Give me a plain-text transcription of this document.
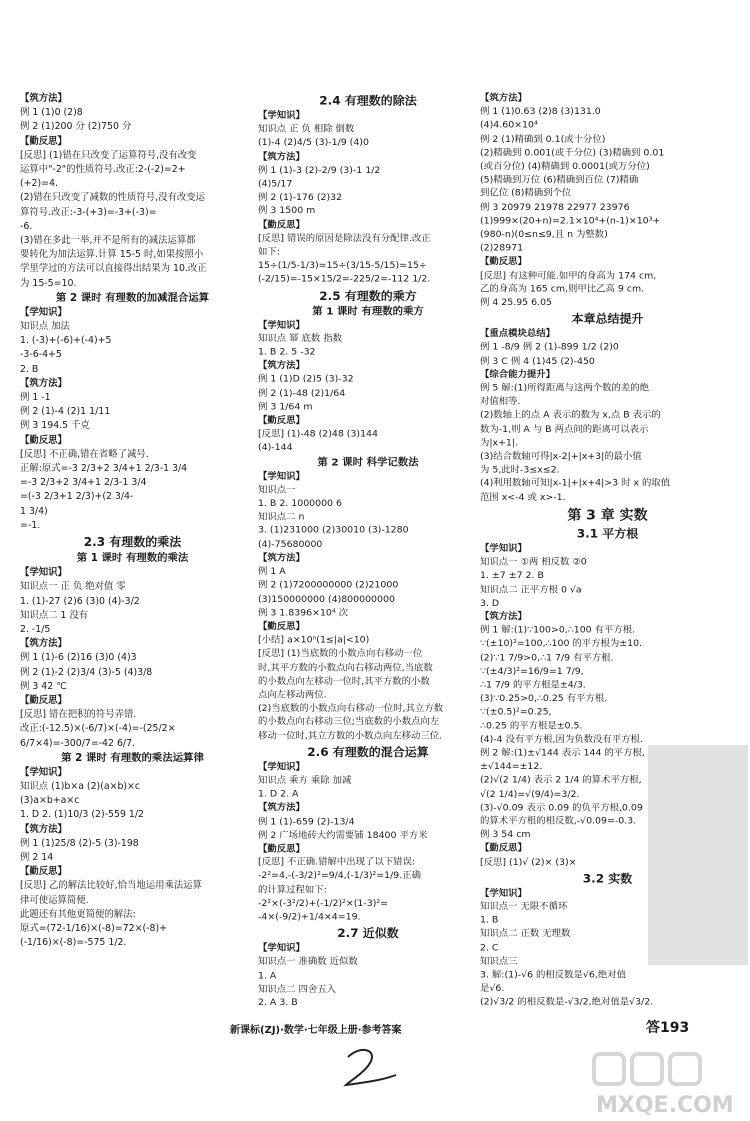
【筑方法】
例 1 (1)0 (2)8
例 2 (1)200 分 (2)750 分
【勤反思】
[反思] (1)错在只改变了运算符号,没有改变
运算中"-2"的性质符号.改正:2-(-2)=2+
(+2)=4.
(2)错在只改变了减数的性质符号,没有改变运
算符号.改正:-3-(+3)=-3+(-3)=
-6.
(3)错在多此一举,并不是所有的减法运算都
要转化为加法运算.计算 15-5 时,如果按照小
学里学过的方法可以直接得出结果为 10.改正
为 15-5=10.
第 2 课时 有理数的加减混合运算
【学知识】
知识点 加法
1. (-3)+(-6)+(-4)+5
-3-6-4+5
2. B
【筑方法】
例 1 -1
例 2 (1)-4 (2)1 1/11
例 3 194.5 千克
【勤反思】
[反思] 不正确,错在省略了减号.
正解:原式=-3 2/3+2 3/4+1 2/3-1 3/4
=-3 2/3+2 3/4+1 2/3-1 3/4
=(-3 2/3+1 2/3)+(2 3/4-
1 3/4)
=-1.
2.3 有理数的乘法
第 1 课时 有理数的乘法
【学知识】
知识点一 正 负 绝对值 零
1. (1)-27 (2)6 (3)0 (4)-3/2
知识点二 1 没有
2. -1/5
【筑方法】
例 1 (1)-6 (2)16 (3)0 (4)3
例 2 (1)-2 (2)3/4 (3)-5 (4)3/8
例 3 42 ℃
【勤反思】
[反思] 错在把积的符号弄错.
改正:(-12.5)×(-6/7)×(-4)=-(25/2×
6/7×4)=-300/7=-42 6/7.
第 2 课时 有理数的乘法运算律
【学知识】
知识点 (1)b×a (2)(a×b)×c
(3)a×b+a×c
1. D 2. (1)10/3 (2)-559 1/2
【筑方法】
例 1 (1)25/8 (2)-5 (3)-198
例 2 14
【勤反思】
[反思] 乙的解法比较好,恰当地运用乘法运算
律可使运算简便.
此题还有其他更简便的解法:
原式=(72-1/16)×(-8)=72×(-8)+
(-1/16)×(-8)=-575 1/2.
2.4 有理数的除法
【学知识】
知识点 正 负 相除 倒数
(1)-4 (2)4/5 (3)-1/9 (4)0
【筑方法】
例 1 (1)-3 (2)-2/9 (3)-1 1/2
(4)5/17
例 2 (1)-176 (2)32
例 3 1500 m
【勤反思】
[反思] 错误的原因是除法没有分配律.改正
如下:
15÷(1/5-1/3)=15÷(3/15-5/15)=15÷
(-2/15)=-15×15/2=-225/2=-112 1/2.
2.5 有理数的乘方
第 1 课时 有理数的乘方
【学知识】
知识点 幂 底数 指数
1. B 2. 5 -32
【筑方法】
例 1 (1)D (2)5 (3)-32
例 2 (1)-48 (2)1/64
例 3 1/64 m
【勤反思】
[反思] (1)-48 (2)48 (3)144
(4)-144
第 2 课时 科学记数法
【学知识】
知识点一
1. B 2. 1000000 6
知识点二 n
3. (1)231000 (2)30010 (3)-1280
(4)-75680000
【筑方法】
例 1 A
例 2 (1)7200000000 (2)21000
(3)150000000 (4)800000000
例 3 1.8396×10⁴ 次
【勤反思】
[小结] a×10ⁿ(1≤|a|<10)
[反思] (1)当底数的小数点向右移动一位
时,其平方数的小数点向右移动两位,当底数
的小数点向左移动一位时,其平方数的小数
点向左移动两位.
(2)当底数的小数点向右移动一位时,其立方数
的小数点向右移动三位;当底数的小数点向左
移动一位时,其立方数的小数点向左移动三位.
2.6 有理数的混合运算
【学知识】
知识点 乘方 乘除 加减
1. D 2. A
【筑方法】
例 1 (1)-659 (2)-13/4
例 2 广场地砖大约需要铺 18400 平方米
【勤反思】
[反思] 不正确.错解中出现了以下错误:
-2²=4,-(-3/2)²=9/4,(-1/3)²=1/9.正确
的计算过程如下:
-2²×(-3²/2)+(-1/2)²×(1-3)²=
-4×(-9/2)+1/4×4=19.
2.7 近似数
【学知识】
知识点一 准确数 近似数
1. A
知识点二 四舍五入
2. A 3. B
【筑方法】
例 1 (1)0.63 (2)8 (3)131.0
(4)4.60×10⁴
例 2 (1)精确到 0.1(或十分位)
(2)精确到 0.001(或千分位) (3)精确到 0.01
(或百分位) (4)精确到 0.0001(或万分位)
(5)精确到万位 (6)精确到百位 (7)精确
到亿位 (8)精确到个位
例 3 20979 21978 22977 23976
(1)999×(20+n)=2.1×10⁴+(n-1)×10³+
(980-n)(0≤n≤9,且 n 为整数)
(2)28971
【勤反思】
[反思] 有这种可能.如甲的身高为 174 cm,
乙的身高为 165 cm,则甲比乙高 9 cm.
例 4 25.95 6.05
本章总结提升
【重点模块总结】
例 1 -8/9 例 2 (1)-899 1/2 (2)0
例 3 C 例 4 (1)45 (2)-450
【综合能力提升】
例 5 解:(1)所得距离与这两个数的差的绝
对值相等.
(2)数轴上的点 A 表示的数为 x,点 B 表示的
数为-1,则 A 与 B 两点间的距离可以表示
为|x+1|.
(3)结合数轴可得|x-2|+|x+3|的最小值
为 5,此时-3≤x≤2.
(4)利用数轴可知|x-1|+|x+4|>3 时 x 的取值
范围 x<-4 或 x>-1.
第 3 章 实数
3.1 平方根
【学知识】
知识点一 ①两 相反数 ②0
1. ±7 ±7 2. B
知识点二 正平方根 0 √a
3. D
【筑方法】
例 1 解:(1)∵100>0,∴100 有平方根.
∵(±10)²=100,∴100 的平方根为±10.
(2)∵1 7/9>0,∴1 7/9 有平方根.
∵(±4/3)²=16/9=1 7/9,
∴1 7/9 的平方根是±4/3.
(3)∵0.25>0,∴0.25 有平方根.
∵(±0.5)²=0.25,
∴0.25 的平方根是±0.5.
(4)-4 没有平方根,因为负数没有平方根.
例 2 解:(1)±√144 表示 144 的平方根,
±√144=±12.
(2)√(2 1/4) 表示 2 1/4 的算术平方根,
√(2 1/4)=√(9/4)=3/2.
(3)-√0.09 表示 0.09 的负平方根,0.09
的算术平方根的相反数,-√0.09=-0.3.
例 3 54 cm
【勤反思】
[反思] (1)√ (2)× (3)×
3.2 实数
【学知识】
知识点一 无限不循环
1. B
知识点二 正数 无理数
2. C
知识点三
3. 解:(1)-√6 的相反数是√6,绝对值
是√6.
(2)√3/2 的相反数是-√3/2,绝对值是√3/2.
新课标(ZJ)·数学·七年级上册·参考答案	答193
MXQE.COM
